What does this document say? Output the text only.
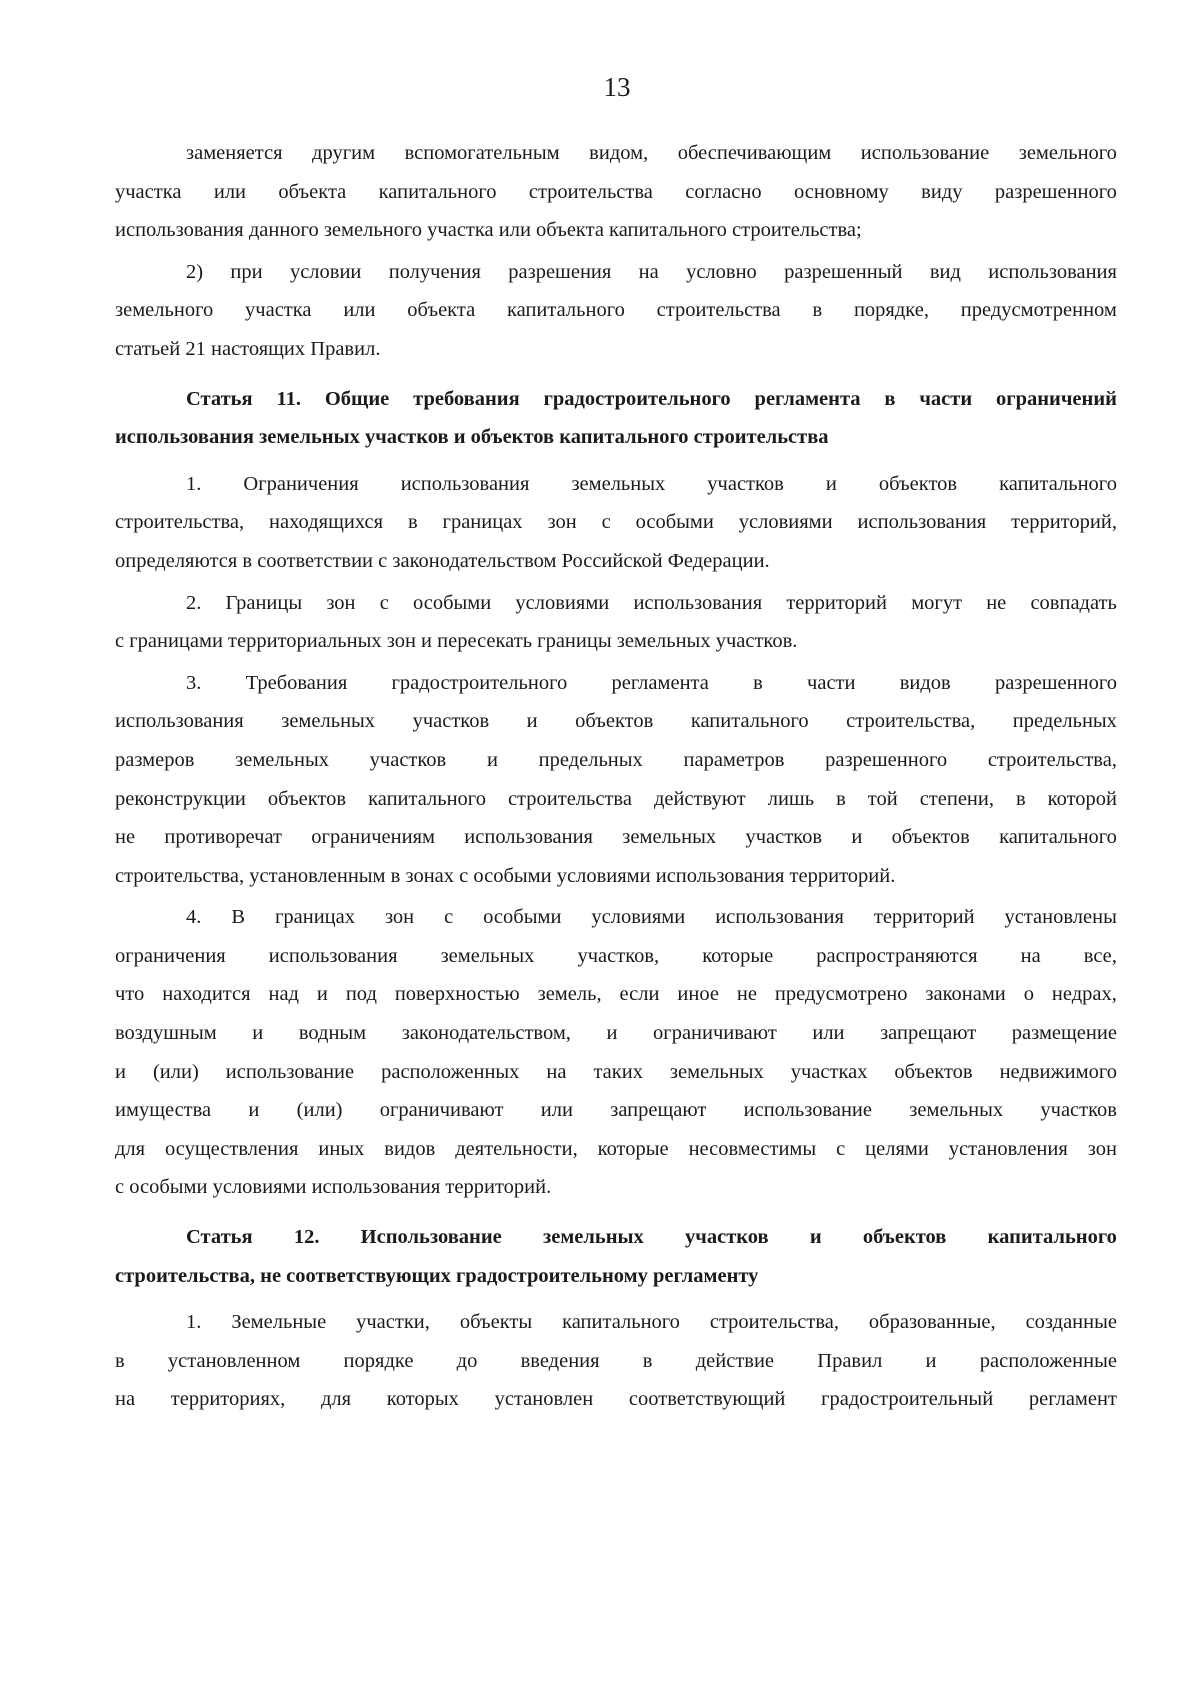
13
заменяется другим вспомогательным видом, обеспечивающим использование земельного
участка или объекта капитального строительства согласно основному виду разрешенного
использования данного земельного участка или объекта капитального строительства;
2) при условии получения разрешения на условно разрешенный вид использования
земельного участка или объекта капитального строительства в порядке, предусмотренном
статьей 21 настоящих Правил.
Статья 11. Общие требования градостроительного регламента в части ограничений
использования земельных участков и объектов капитального строительства
1. Ограничения использования земельных участков и объектов капитального
строительства, находящихся в границах зон с особыми условиями использования территорий,
определяются в соответствии с законодательством Российской Федерации.
2. Границы зон с особыми условиями использования территорий могут не совпадать
с границами территориальных зон и пересекать границы земельных участков.
3. Требования градостроительного регламента в части видов разрешенного
использования земельных участков и объектов капитального строительства, предельных
размеров земельных участков и предельных параметров разрешенного строительства,
реконструкции объектов капитального строительства действуют лишь в той степени, в которой
не противоречат ограничениям использования земельных участков и объектов капитального
строительства, установленным в зонах с особыми условиями использования территорий.
4. В границах зон с особыми условиями использования территорий установлены
ограничения использования земельных участков, которые распространяются на все,
что находится над и под поверхностью земель, если иное не предусмотрено законами о недрах,
воздушным и водным законодательством, и ограничивают или запрещают размещение
и (или) использование расположенных на таких земельных участках объектов недвижимого
имущества и (или) ограничивают или запрещают использование земельных участков
для осуществления иных видов деятельности, которые несовместимы с целями установления зон
с особыми условиями использования территорий.
Статья 12. Использование земельных участков и объектов капитального
строительства, не соответствующих градостроительному регламенту
1. Земельные участки, объекты капитального строительства, образованные, созданные
в установленном порядке до введения в действие Правил и расположенные
на территориях, для которых установлен соответствующий градостроительный регламент
